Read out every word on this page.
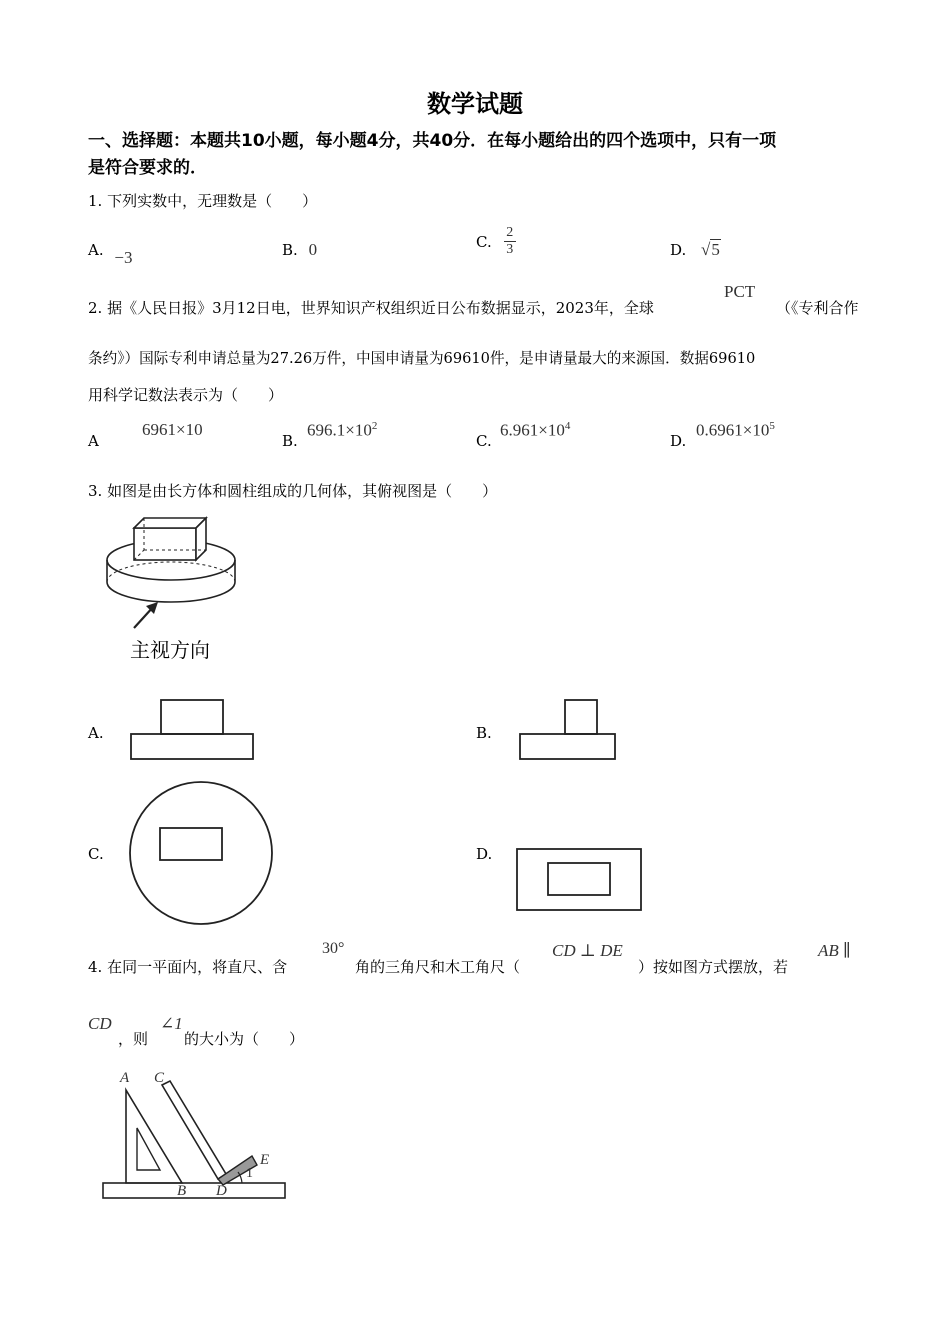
数学试题
一、选择题：本题共10小题，每小题4分，共40分．在每小题给出的四个选项中，只有一项
是符合要求的．
1. 下列实数中，无理数是（　　）
A. −3	B. 0	C. $\frac{2}{3}$	D. √5
2. 据《人民日报》3月12日电，世界知识产权组织近日公布数据显示，2023年，全球
PCT
（《专利合作
条约》）国际专利申请总量为27.26万件，中国申请量为69610件，是申请量最大的来源国．数据69610
用科学记数法表示为（　　）
A
6961×10
B.
$696.1\times 10^2$
C.
$6.961\times 10^4$
D.
$0.6961\times 10^5$
3. 如图是由长方体和圆柱组成的几何体，其俯视图是（　　）
主视方向
A.	B.
C.	D.
4. 在同一平面内，将直尺、含
30°
角的三角尺和木工角尺（
CD ⊥ DE
）按如图方式摆放，若
AB ∥
CD
，则
∠1
的大小为（　　）
A C
E
B D
1
